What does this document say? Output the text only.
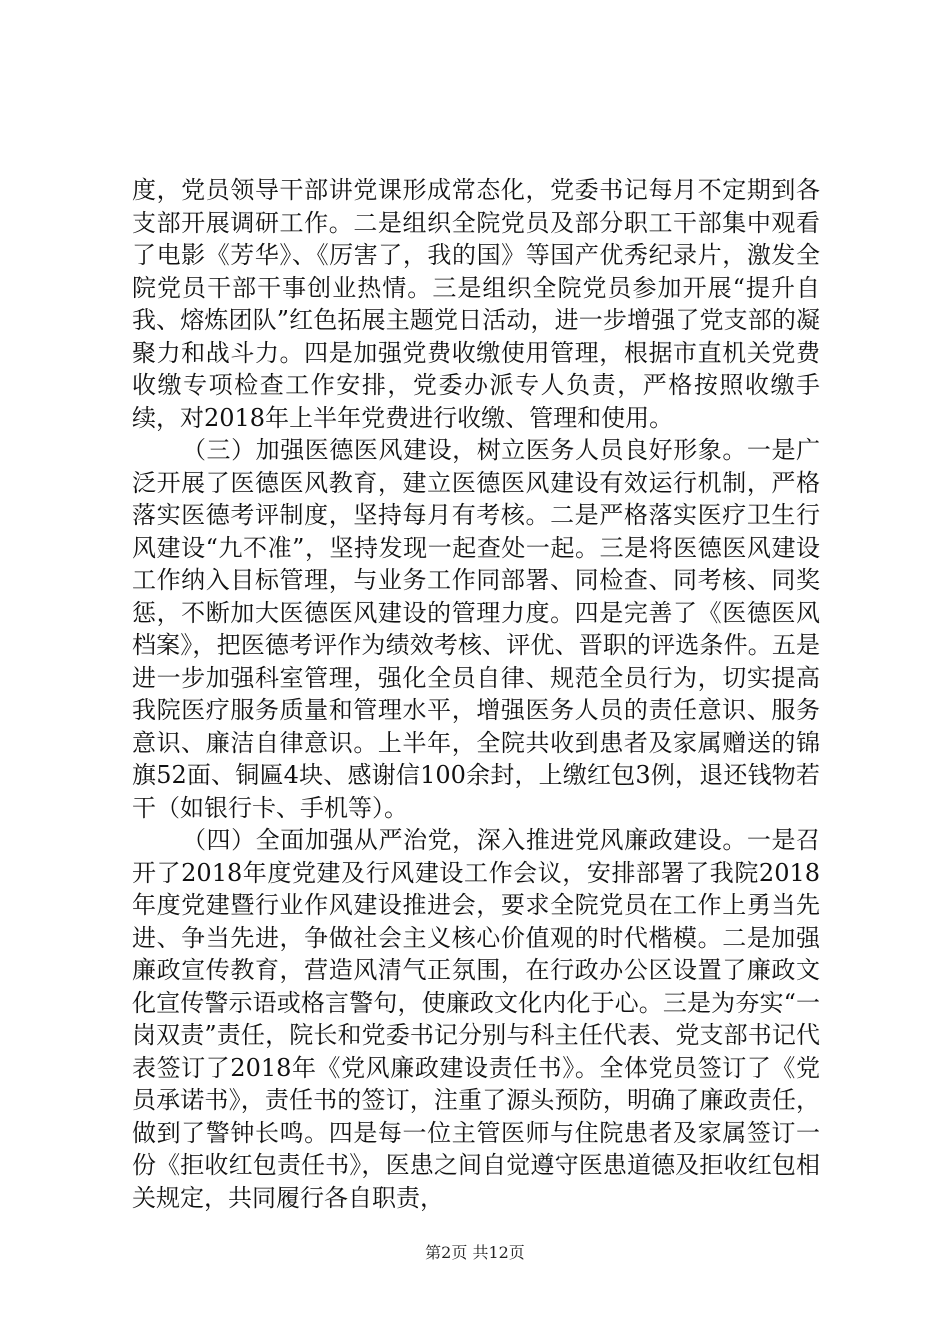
度，党员领导干部讲党课形成常态化，党委书记每月不定期到各支部开展调研工作。二是组织全院党员及部分职工干部集中观看了电影《芳华》、《厉害了，我的国》等国产优秀纪录片，激发全院党员干部干事创业热情。三是组织全院党员参加开展“提升自我、熔炼团队”红色拓展主题党日活动，进一步增强了党支部的凝聚力和战斗力。四是加强党费收缴使用管理，根据市直机关党费收缴专项检查工作安排，党委办派专人负责，严格按照收缴手续，对2018年上半年党费进行收缴、管理和使用。

（三）加强医德医风建设，树立医务人员良好形象。一是广泛开展了医德医风教育，建立医德医风建设有效运行机制，严格落实医德考评制度，坚持每月有考核。二是严格落实医疗卫生行风建设“九不准”，坚持发现一起查处一起。三是将医德医风建设工作纳入目标管理，与业务工作同部署、同检查、同考核、同奖惩，不断加大医德医风建设的管理力度。四是完善了《医德医风档案》，把医德考评作为绩效考核、评优、晋职的评选条件。五是进一步加强科室管理，强化全员自律、规范全员行为，切实提高我院医疗服务质量和管理水平，增强医务人员的责任意识、服务意识、廉洁自律意识。上半年，全院共收到患者及家属赠送的锦旗52面、铜匾4块、感谢信100余封，上缴红包3例，退还钱物若干（如银行卡、手机等）。

（四）全面加强从严治党，深入推进党风廉政建设。一是召开了2018年度党建及行风建设工作会议，安排部署了我院2018年度党建暨行业作风建设推进会，要求全院党员在工作上勇当先进、争当先进，争做社会主义核心价值观的时代楷模。二是加强廉政宣传教育，营造风清气正氛围，在行政办公区设置了廉政文化宣传警示语或格言警句，使廉政文化内化于心。三是为夯实“一岗双责”责任，院长和党委书记分别与科主任代表、党支部书记代表签订了2018年《党风廉政建设责任书》。全体党员签订了《党员承诺书》，责任书的签订，注重了源头预防，明确了廉政责任，做到了警钟长鸣。四是每一位主管医师与住院患者及家属签订一份《拒收红包责任书》，医患之间自觉遵守医患道德及拒收红包相关规定，共同履行各自职责，

第2页 共12页
